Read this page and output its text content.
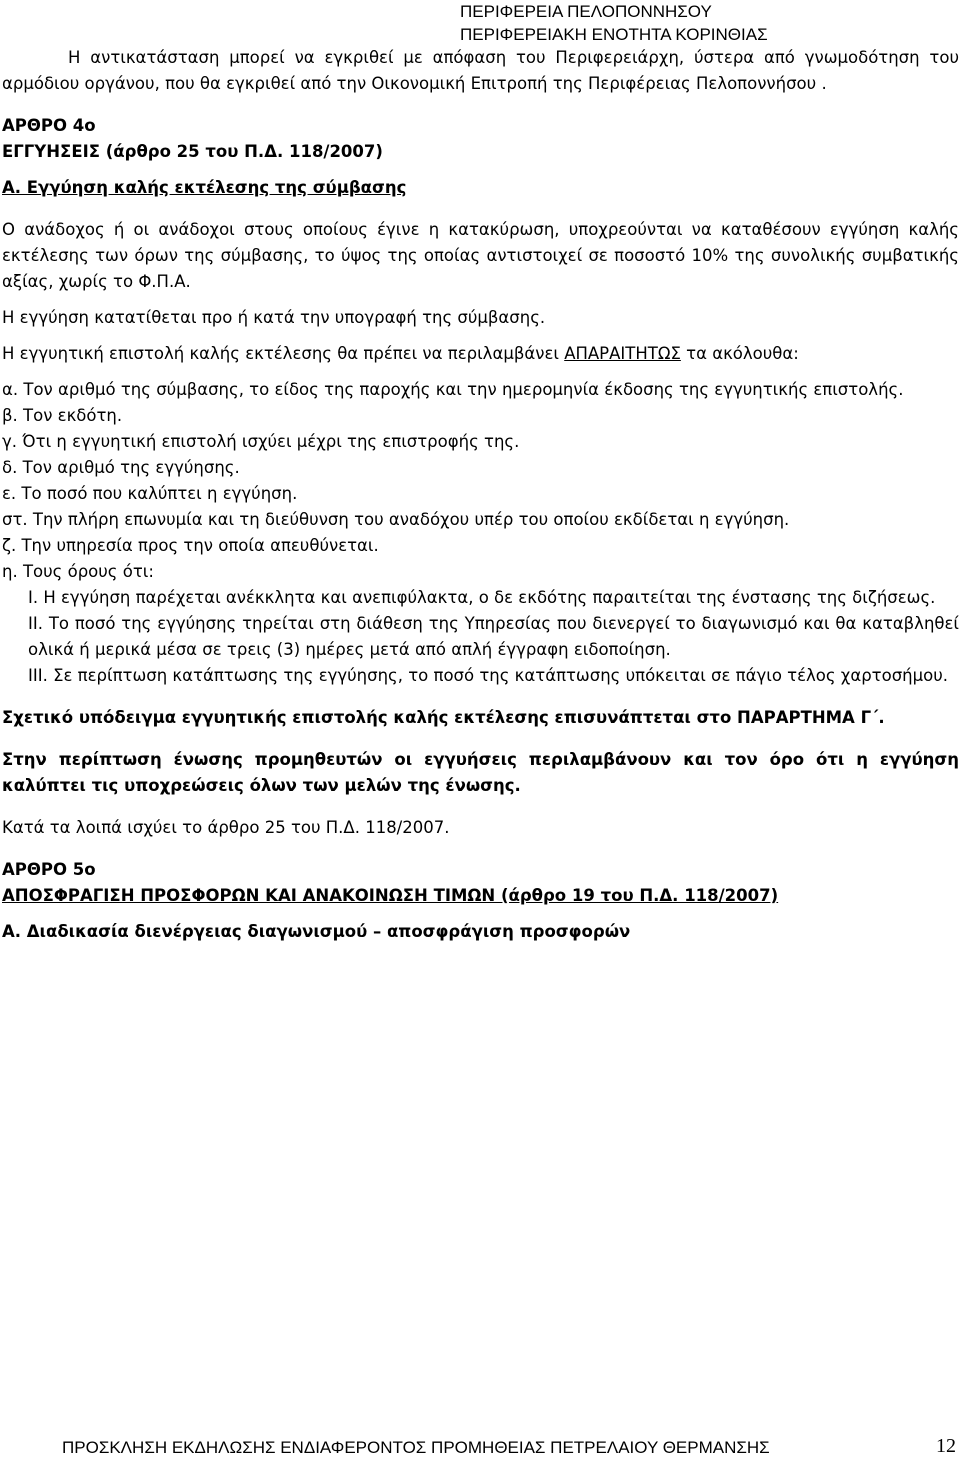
ΠΕΡΙΦΕΡΕΙΑ ΠΕΛΟΠΟΝΝΗΣΟΥ
ΠΕΡΙΦΕΡΕΙΑΚΗ ΕΝΟΤΗΤΑ ΚΟΡΙΝΘΙΑΣ

Η αντικατάσταση μπορεί να εγκριθεί με απόφαση του Περιφερειάρχη, ύστερα από γνωμοδότηση του αρμόδιου οργάνου, που θα εγκριθεί από την Οικονομική Επιτροπή της Περιφέρειας Πελοποννήσου .

ΑΡΘΡΟ 4ο
ΕΓΓΥΗΣΕΙΣ (άρθρο 25 του Π.Δ. 118/2007)
Α. Εγγύηση καλής εκτέλεσης της σύμβασης

Ο ανάδοχος ή οι ανάδοχοι στους οποίους έγινε η κατακύρωση, υποχρεούνται να καταθέσουν εγγύηση καλής εκτέλεσης των όρων της σύμβασης, το ύψος της οποίας αντιστοιχεί σε ποσοστό 10% της συνολικής συμβατικής αξίας, χωρίς το Φ.Π.Α.

Η εγγύηση κατατίθεται προ ή κατά την υπογραφή της σύμβασης.

Η εγγυητική επιστολή καλής εκτέλεσης θα πρέπει να περιλαμβάνει ΑΠΑΡΑΙΤΗΤΩΣ τα ακόλουθα:

α. Τον αριθμό της σύμβασης, το είδος της παροχής και την ημερομηνία έκδοσης της εγγυητικής επιστολής.

β. Τον εκδότη.

γ. Ότι η εγγυητική επιστολή ισχύει μέχρι της επιστροφής της.

δ. Τον αριθμό της εγγύησης.

ε. Το ποσό που καλύπτει η εγγύηση.

στ. Την πλήρη επωνυμία και τη διεύθυνση του αναδόχου υπέρ του οποίου εκδίδεται η εγγύηση.

ζ. Την υπηρεσία προς την οποία απευθύνεται.

η. Τους όρους ότι:

Ι. Η εγγύηση παρέχεται ανέκκλητα και ανεπιφύλακτα, ο δε εκδότης παραιτείται της ένστασης της διζήσεως.

ΙΙ. Το ποσό της εγγύησης τηρείται στη διάθεση της Υπηρεσίας που διενεργεί το διαγωνισμό και θα καταβληθεί ολικά ή μερικά μέσα σε τρεις (3) ημέρες μετά από απλή έγγραφη ειδοποίηση.

ΙΙΙ. Σε περίπτωση κατάπτωσης της εγγύησης, το ποσό της κατάπτωσης υπόκειται σε πάγιο τέλος χαρτοσήμου.

Σχετικό υπόδειγμα εγγυητικής επιστολής καλής εκτέλεσης επισυνάπτεται στο ΠΑΡΑΡΤΗΜΑ Γ΄.

Στην περίπτωση ένωσης προμηθευτών οι εγγυήσεις περιλαμβάνουν και τον όρο ότι η εγγύηση καλύπτει τις υποχρεώσεις όλων των μελών της ένωσης.

Κατά τα λοιπά ισχύει το άρθρο 25 του Π.Δ. 118/2007.

ΑΡΘΡΟ 5ο
ΑΠΟΣΦΡΑΓΙΣΗ ΠΡΟΣΦΟΡΩΝ ΚΑΙ ΑΝΑΚΟΙΝΩΣΗ ΤΙΜΩΝ (άρθρο 19 του Π.Δ. 118/2007)
Α. Διαδικασία διενέργειας διαγωνισμού – αποσφράγιση προσφορών
ΠΡΟΣΚΛΗΣΗ ΕΚΔΗΛΩΣΗΣ ΕΝΔΙΑΦΕΡΟΝΤΟΣ ΠΡΟΜΗΘΕΙΑΣ ΠΕΤΡΕΛΑΙΟΥ ΘΕΡΜΑΝΣΗΣ	12
